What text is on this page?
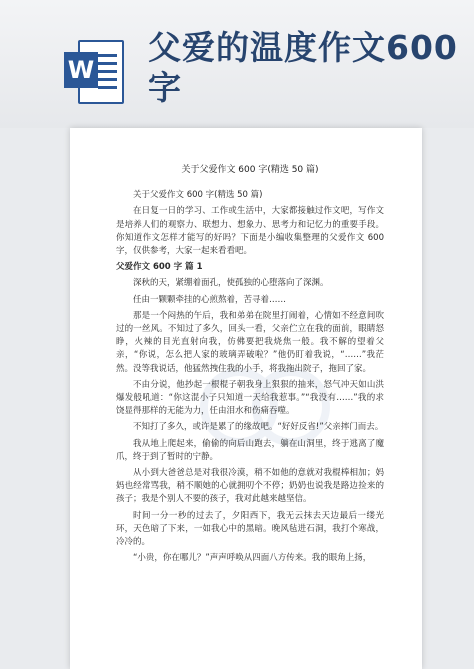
W
父爱的温度作文600字
关于父爱作文 600 字(精选 50 篇)

关于父爱作文 600 字(精选 50 篇)

在日复一日的学习、工作或生活中，大家都接触过作文吧，写作文是培养人们的观察力、联想力、想象力、思考力和记忆力的重要手段。你知道作文怎样才能写的好吗？下面是小编收集整理的父爱作文 600 字，仅供参考，大家一起来看看吧。

父爱作文 600 字 篇 1

深秋的天，紧绷着面孔，使孤独的心堕落向了深渊。

任由一颗颗牵挂的心煎熬着，苦寻着……

那是一个闷热的午后，我和弟弟在院里打闹着，心情如不经意间吹过的一丝风。不知过了多久，回头一看，父亲伫立在我的面前，眼睛怒睁，火辣的目光直射向我，仿佛要把我烧焦一般。我不解的望着父亲，“你说，怎么把人家的玻璃弄破啦？”他仍盯着我说，“……”我茫然。没等我说话，他猛然拽住我的小手，将我拖出院子，拖回了家。

不由分说，他抄起一根棍子朝我身上狠狠的抽来，怒气冲天如山洪爆发般吼道：“你这混小子只知道一天给我惹事。”“我没有……”我的求饶显得那样的无能为力，任由泪水和伤痛吞噬。

不知打了多久，或许是累了的缘故吧。“好好反省!”父亲摔门而去。

我从地上爬起来，偷偷的向后山跑去，躺在山洞里，终于逃离了魔爪，终于到了暂时的宁静。

从小到大爸爸总是对我很冷漠，稍不如他的意就对我棍棒相加；妈妈也经常骂我，稍不顺她的心就拥叨个不停；奶奶也说我是路边捡来的孩子；我是个别人不要的孩子，我对此越来越坚信。

时间一分一秒的过去了，夕阳西下，我无云抹去天边最后一缕光环，天色暗了下来，一如我心中的黑暗。晚风毡进石洞，我打个寒战，冷冷的。

“小贵，你在哪儿？”声声呼唤从四面八方传来。我的眼角上扬，
